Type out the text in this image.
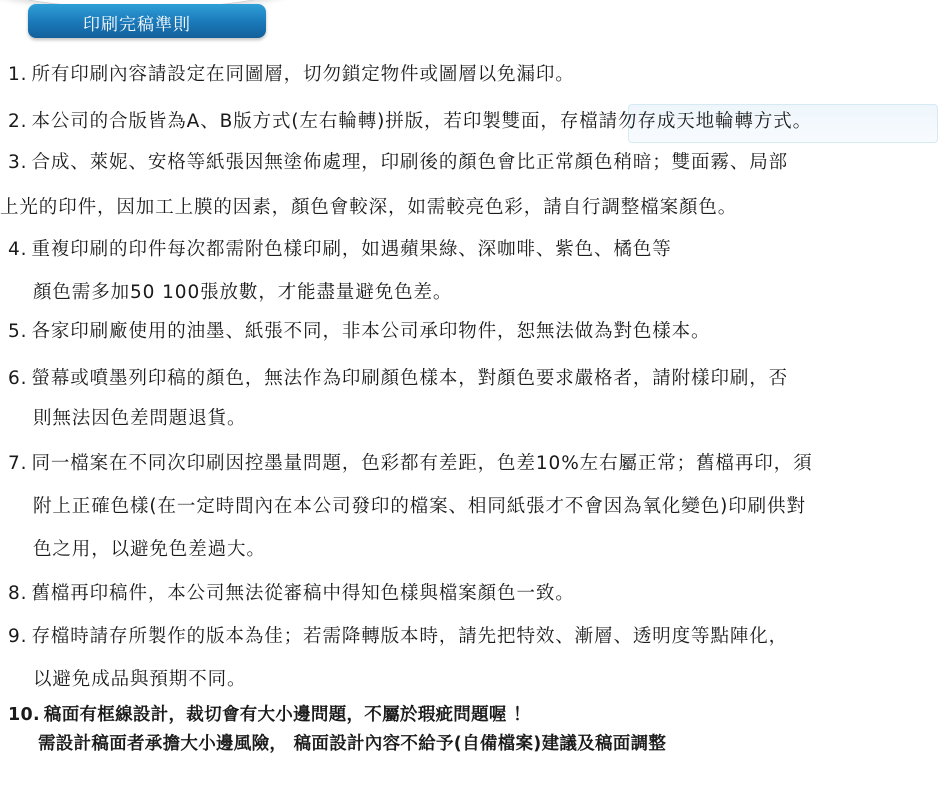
印刷完稿準則
1. 所有印刷內容請設定在同圖層，切勿鎖定物件或圖層以免漏印。
2. 本公司的合版皆為A、B版方式(左右輪轉)拼版，若印製雙面，存檔請勿存成天地輪轉方式。
3. 合成、萊妮、安格等紙張因無塗佈處理，印刷後的顏色會比正常顏色稍暗；雙面霧、局部
上光的印件，因加工上膜的因素，顏色會較深，如需較亮色彩，請自行調整檔案顏色。
4. 重複印刷的印件每次都需附色樣印刷，如遇蘋果綠、深咖啡、紫色、橘色等
顏色需多加50 100張放數，才能盡量避免色差。
5. 各家印刷廠使用的油墨、紙張不同，非本公司承印物件，恕無法做為對色樣本。
6. 螢幕或噴墨列印稿的顏色，無法作為印刷顏色樣本，對顏色要求嚴格者，請附樣印刷，否
則無法因色差問題退貨。
7. 同一檔案在不同次印刷因控墨量問題，色彩都有差距，色差10%左右屬正常；舊檔再印，須
附上正確色樣(在一定時間內在本公司發印的檔案、相同紙張才不會因為氧化變色)印刷供對
色之用，以避免色差過大。
8. 舊檔再印稿件，本公司無法從審稿中得知色樣與檔案顏色一致。
9. 存檔時請存所製作的版本為佳；若需降轉版本時，請先把特效、漸層、透明度等點陣化，
以避免成品與預期不同。
10. 稿面有框線設計，裁切會有大小邊問題，不屬於瑕疵問題喔 ！
需設計稿面者承擔大小邊風險， 稿面設計內容不給予(自備檔案)建議及稿面調整
